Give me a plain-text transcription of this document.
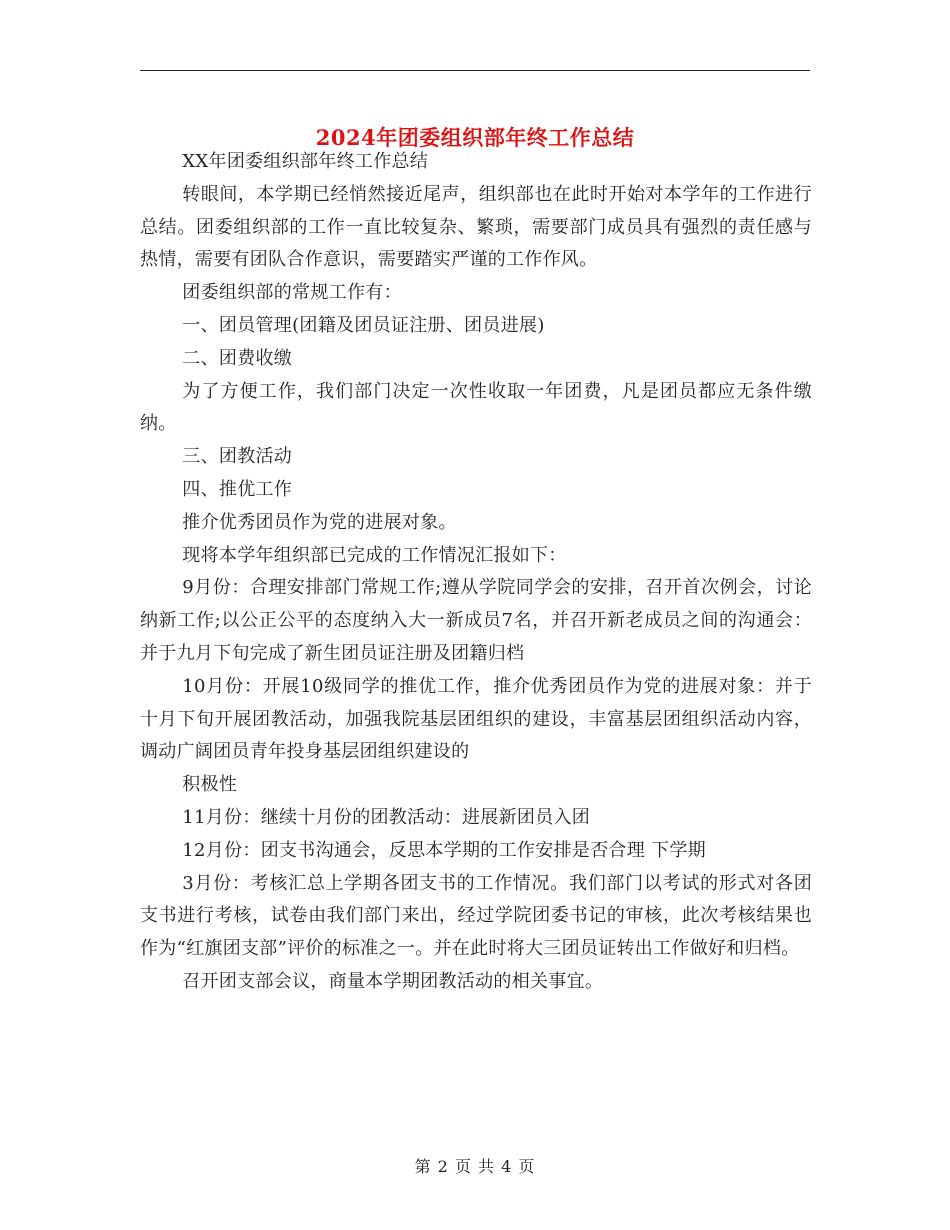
2024年团委组织部年终工作总结

XX年团委组织部年终工作总结

转眼间，本学期已经悄然接近尾声，组织部也在此时开始对本学年的工作进行总结。团委组织部的工作一直比较复杂、繁琐，需要部门成员具有强烈的责任感与热情，需要有团队合作意识，需要踏实严谨的工作作风。

团委组织部的常规工作有：

一、团员管理(团籍及团员证注册、团员进展)

二、团费收缴

为了方便工作，我们部门决定一次性收取一年团费，凡是团员都应无条件缴纳。

三、团教活动

四、推优工作

推介优秀团员作为党的进展对象。

现将本学年组织部已完成的工作情况汇报如下：

9月份：合理安排部门常规工作;遵从学院同学会的安排，召开首次例会，讨论纳新工作;以公正公平的态度纳入大一新成员7名，并召开新老成员之间的沟通会：并于九月下旬完成了新生团员证注册及团籍归档

10月份：开展10级同学的推优工作，推介优秀团员作为党的进展对象：并于十月下旬开展团教活动，加强我院基层团组织的建设，丰富基层团组织活动内容，调动广阔团员青年投身基层团组织建设的

积极性

11月份：继续十月份的团教活动：进展新团员入团

12月份：团支书沟通会，反思本学期的工作安排是否合理 下学期

3月份：考核汇总上学期各团支书的工作情况。我们部门以考试的形式对各团支书进行考核，试卷由我们部门来出，经过学院团委书记的审核，此次考核结果也作为“红旗团支部”评价的标准之一。并在此时将大三团员证转出工作做好和归档。

召开团支部会议，商量本学期团教活动的相关事宜。

第 2 页 共 4 页
